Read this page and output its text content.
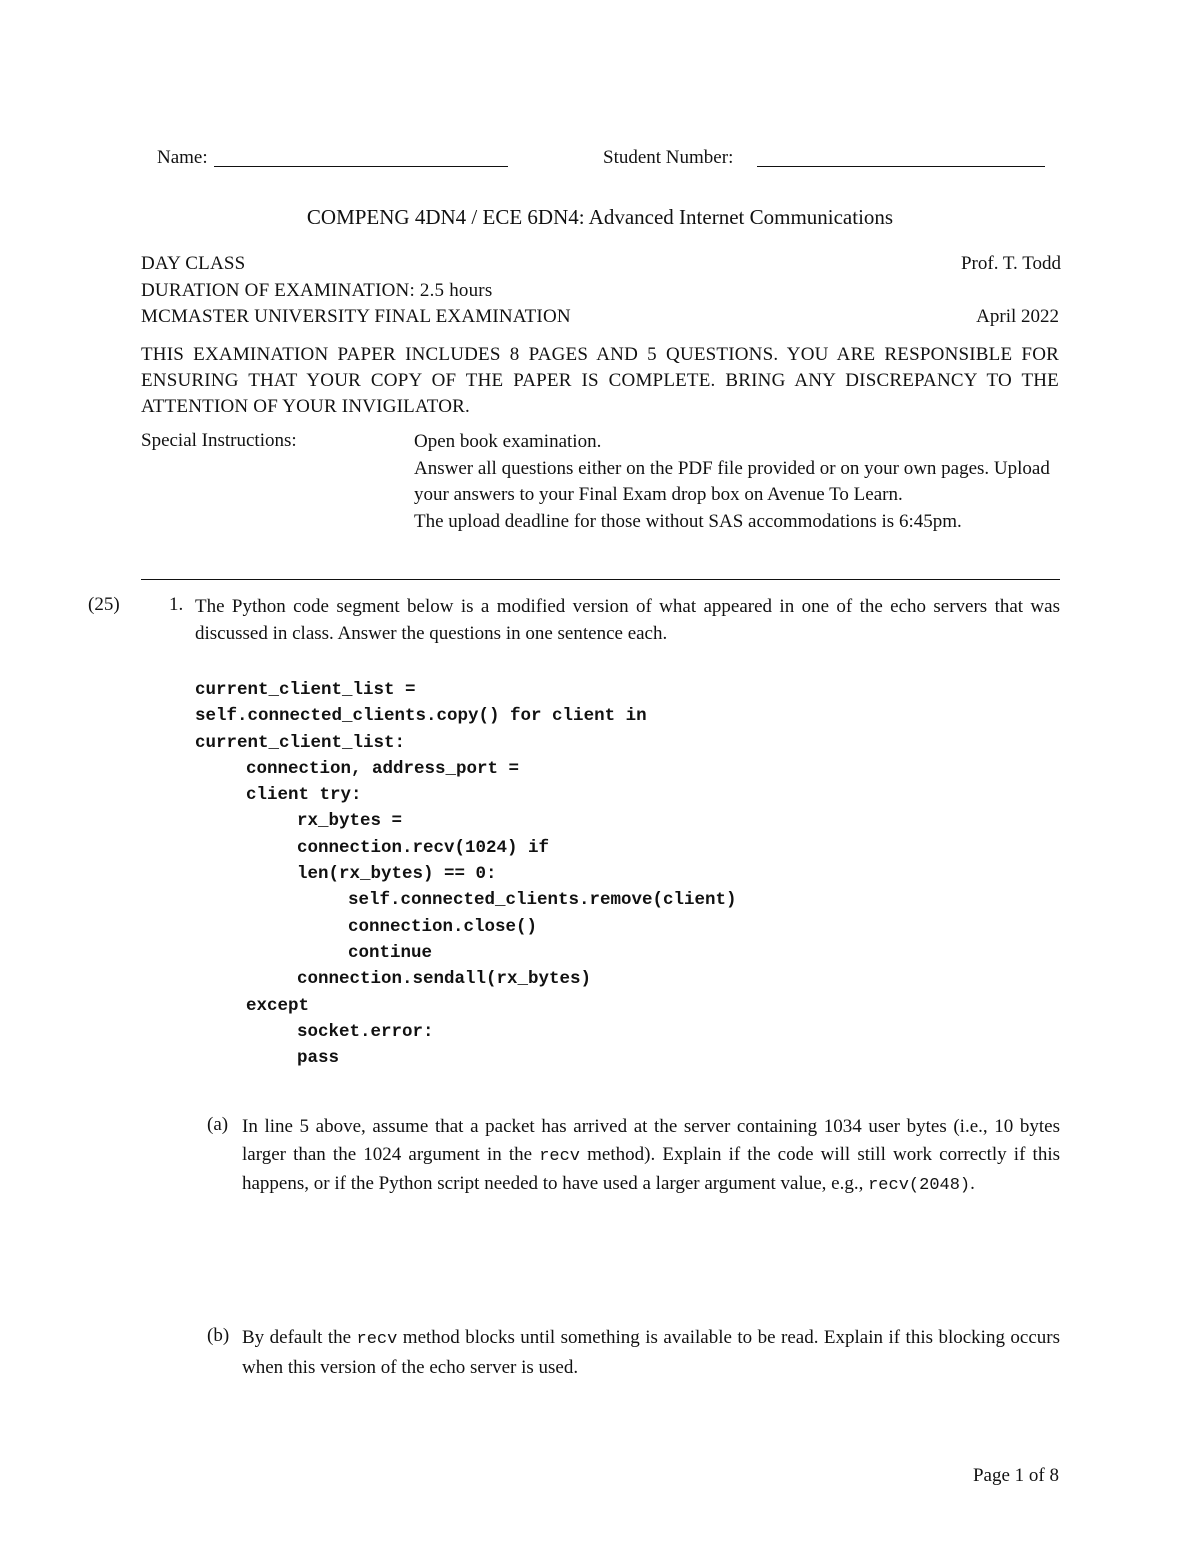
Name:	Student Number:
COMPENG 4DN4 / ECE 6DN4: Advanced Internet Communications
DAY CLASS	Prof. T. Todd
DURATION OF EXAMINATION: 2.5 hours
MCMASTER UNIVERSITY FINAL EXAMINATION	April 2022
THIS EXAMINATION PAPER INCLUDES 8 PAGES AND 5 QUESTIONS. YOU ARE RESPONSIBLE FOR ENSURING THAT YOUR COPY OF THE PAPER IS COMPLETE. BRING ANY DISCREPANCY TO THE ATTENTION OF YOUR INVIGILATOR.
Special Instructions:	Open book examination.
Answer all questions either on the PDF file provided or on your own pages. Upload your answers to your Final Exam drop box on Avenue To Learn.
The upload deadline for those without SAS accommodations is 6:45pm.
(25)	1. The Python code segment below is a modified version of what appeared in one of the echo servers that was discussed in class. Answer the questions in one sentence each.
current_client_list =
self.connected_clients.copy() for client in
current_client_list:
connection, address_port =
client try:
rx_bytes =
connection.recv(1024) if
len(rx_bytes) == 0:
self.connected_clients.remove(client)
connection.close()
continue
connection.sendall(rx_bytes)
except
socket.error:
pass
(a) In line 5 above, assume that a packet has arrived at the server containing 1034 user bytes (i.e., 10 bytes larger than the 1024 argument in the recv method). Explain if the code will still work correctly if this happens, or if the Python script needed to have used a larger argument value, e.g., recv(2048).
(b) By default the recv method blocks until something is available to be read. Explain if this blocking occurs when this version of the echo server is used.
Page 1 of 8
